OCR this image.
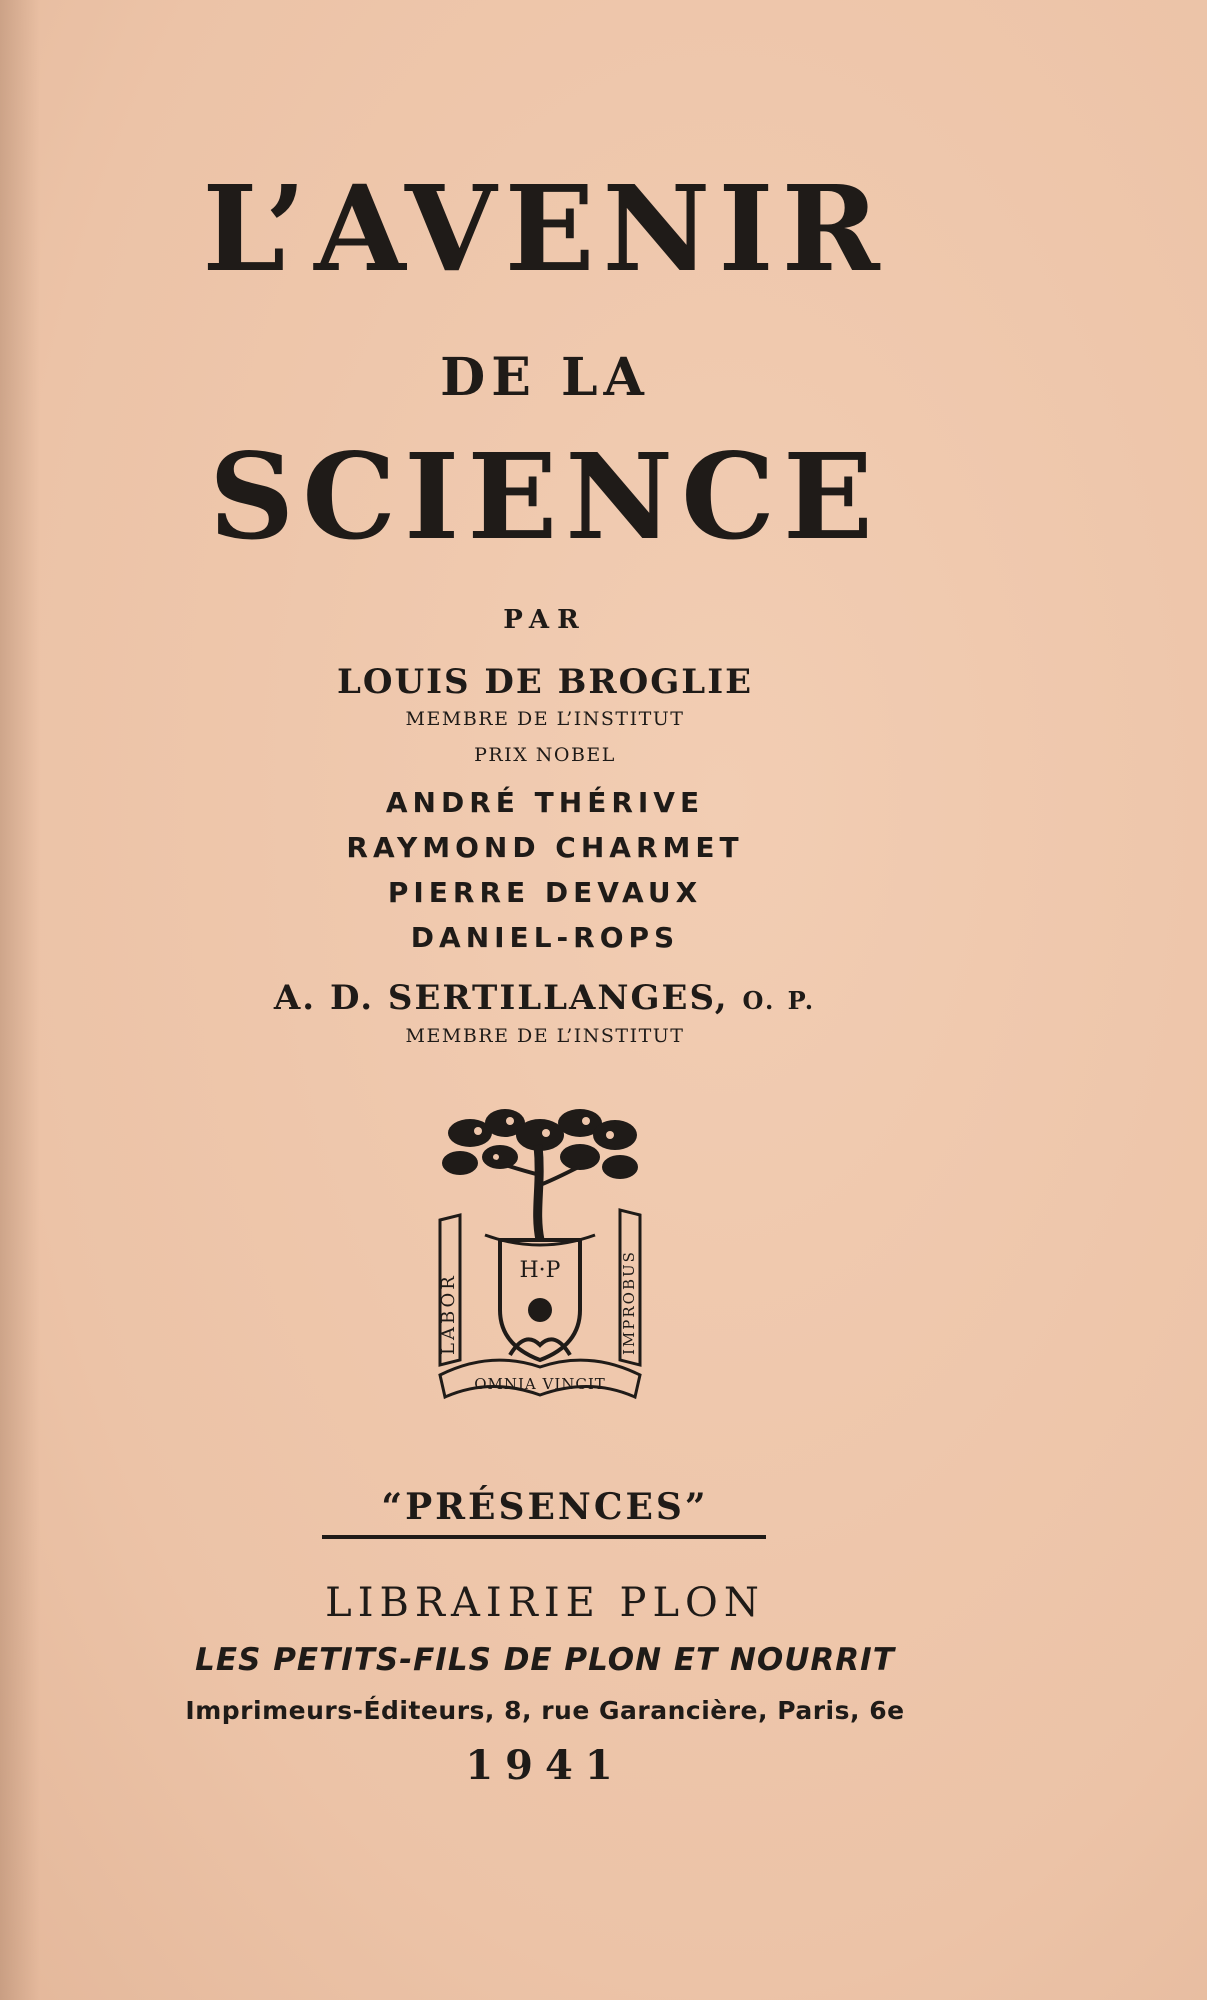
L’AVENIR
DE LA
SCIENCE
PAR
LOUIS DE BROGLIE
MEMBRE DE L’INSTITUT
PRIX NOBEL
ANDRÉ THÉRIVE
RAYMOND CHARMET
PIERRE DEVAUX
DANIEL-ROPS
A. D. SERTILLANGES, O. P.
MEMBRE DE L’INSTITUT
H·P
LABOR	IMPROBUS
OMNIA VINCIT
“PRÉSENCES”
LIBRAIRIE PLON
LES PETITS-FILS DE PLON ET NOURRIT
Imprimeurs-Éditeurs, 8, rue Garancière, Paris, 6e
1941
